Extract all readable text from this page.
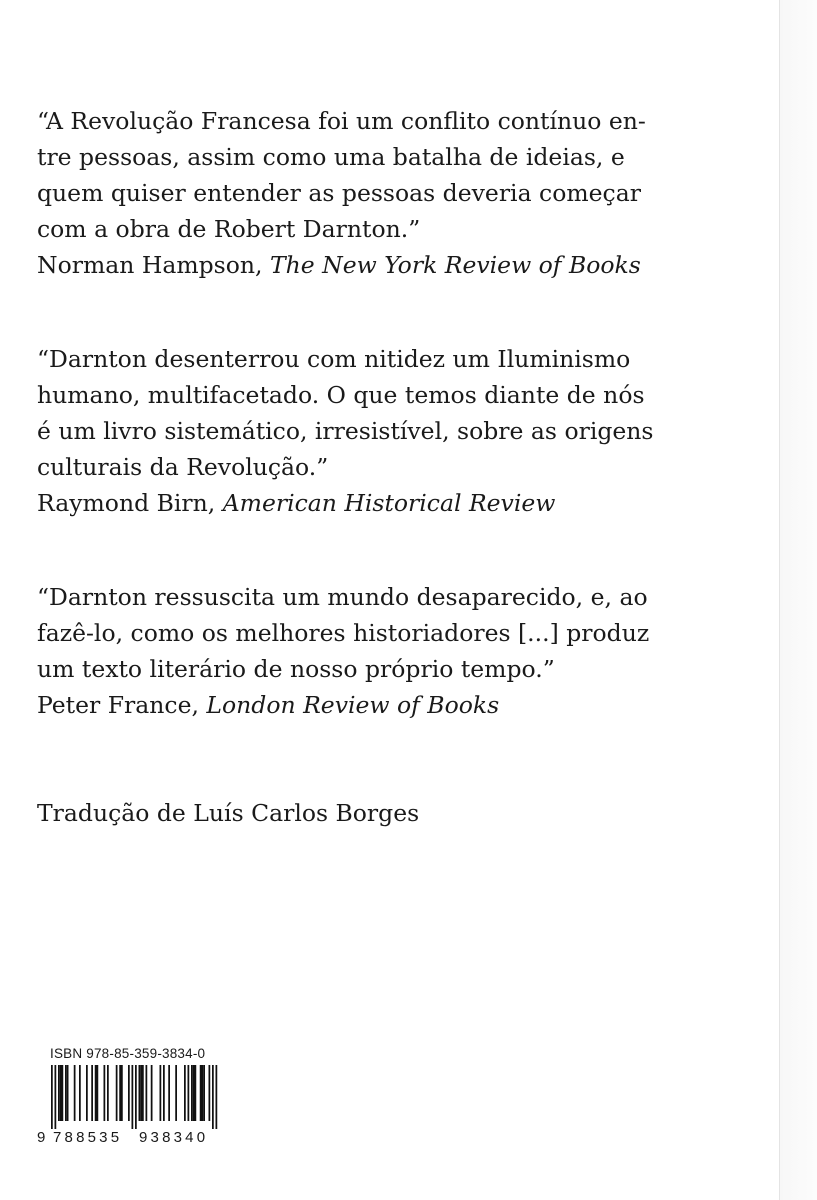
“A Revolução Francesa foi um conflito contínuo en-
tre pessoas, assim como uma batalha de ideias, e
quem quiser entender as pessoas deveria começar
com a obra de Robert Darnton.”

Norman Hampson, The New York Review of Books

“Darnton desenterrou com nitidez um Iluminismo
humano, multifacetado. O que temos diante de nós
é um livro sistemático, irresistível, sobre as origens
culturais da Revolução.”

Raymond Birn, American Historical Review

“Darnton ressuscita um mundo desaparecido, e, ao
fazê-lo, como os melhores historiadores [...] produz
um texto literário de nosso próprio tempo.”

Peter France, London Review of Books

Tradução de Luís Carlos Borges

ISBN 978-85-359-3834-0
9 788535 938340
